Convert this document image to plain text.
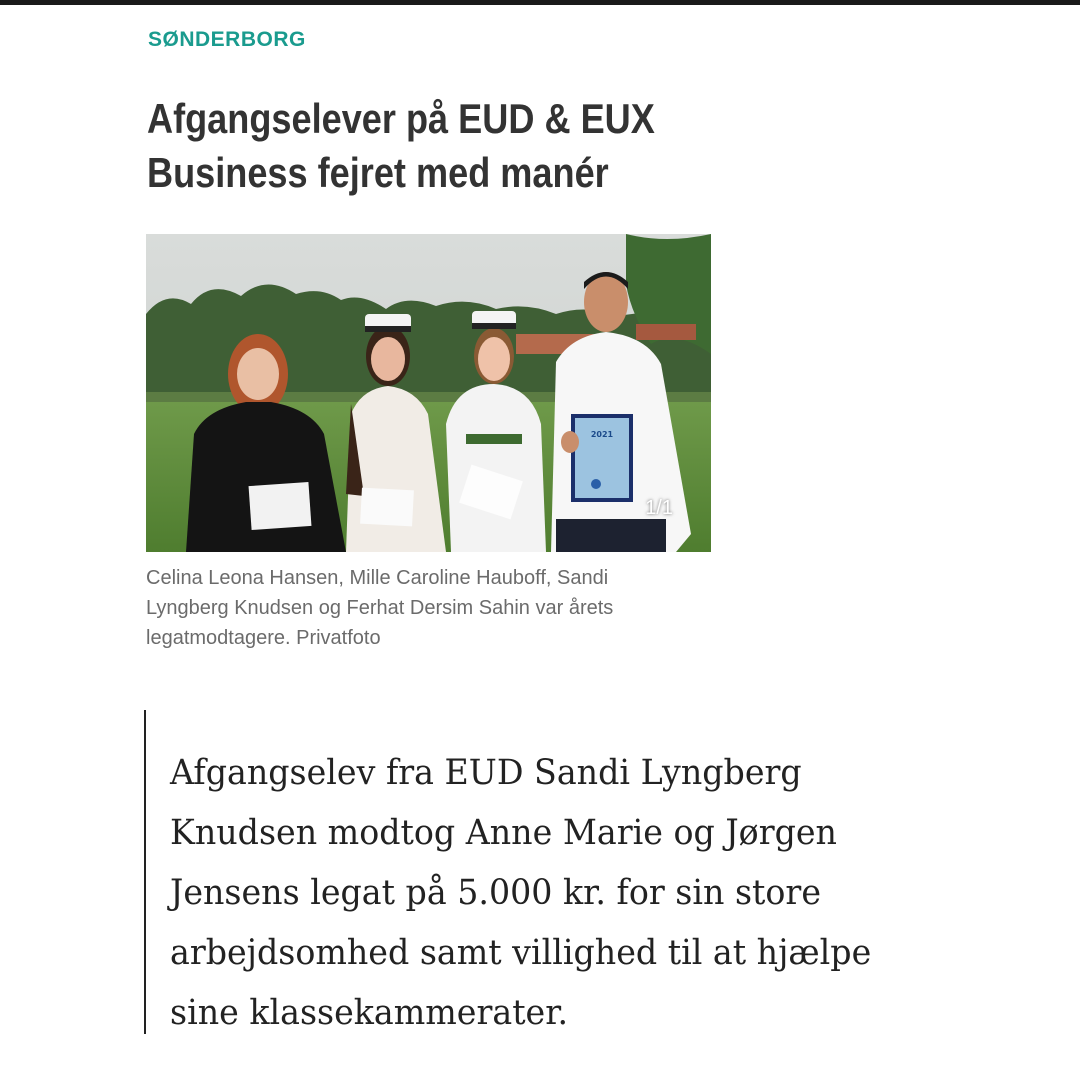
SØNDERBORG
Afgangselever på EUD & EUX
Business fejret med manér
2021
1/1

Celina Leona Hansen, Mille Caroline Hauboff, Sandi Lyngberg Knudsen og Ferhat Dersim Sahin var årets legatmodtagere. Privatfoto

Afgangselev fra EUD Sandi Lyngberg Knudsen modtog Anne Marie og Jørgen Jensens legat på 5.000 kr. for sin store arbejdsomhed samt villighed til at hjælpe sine klassekammerater.
